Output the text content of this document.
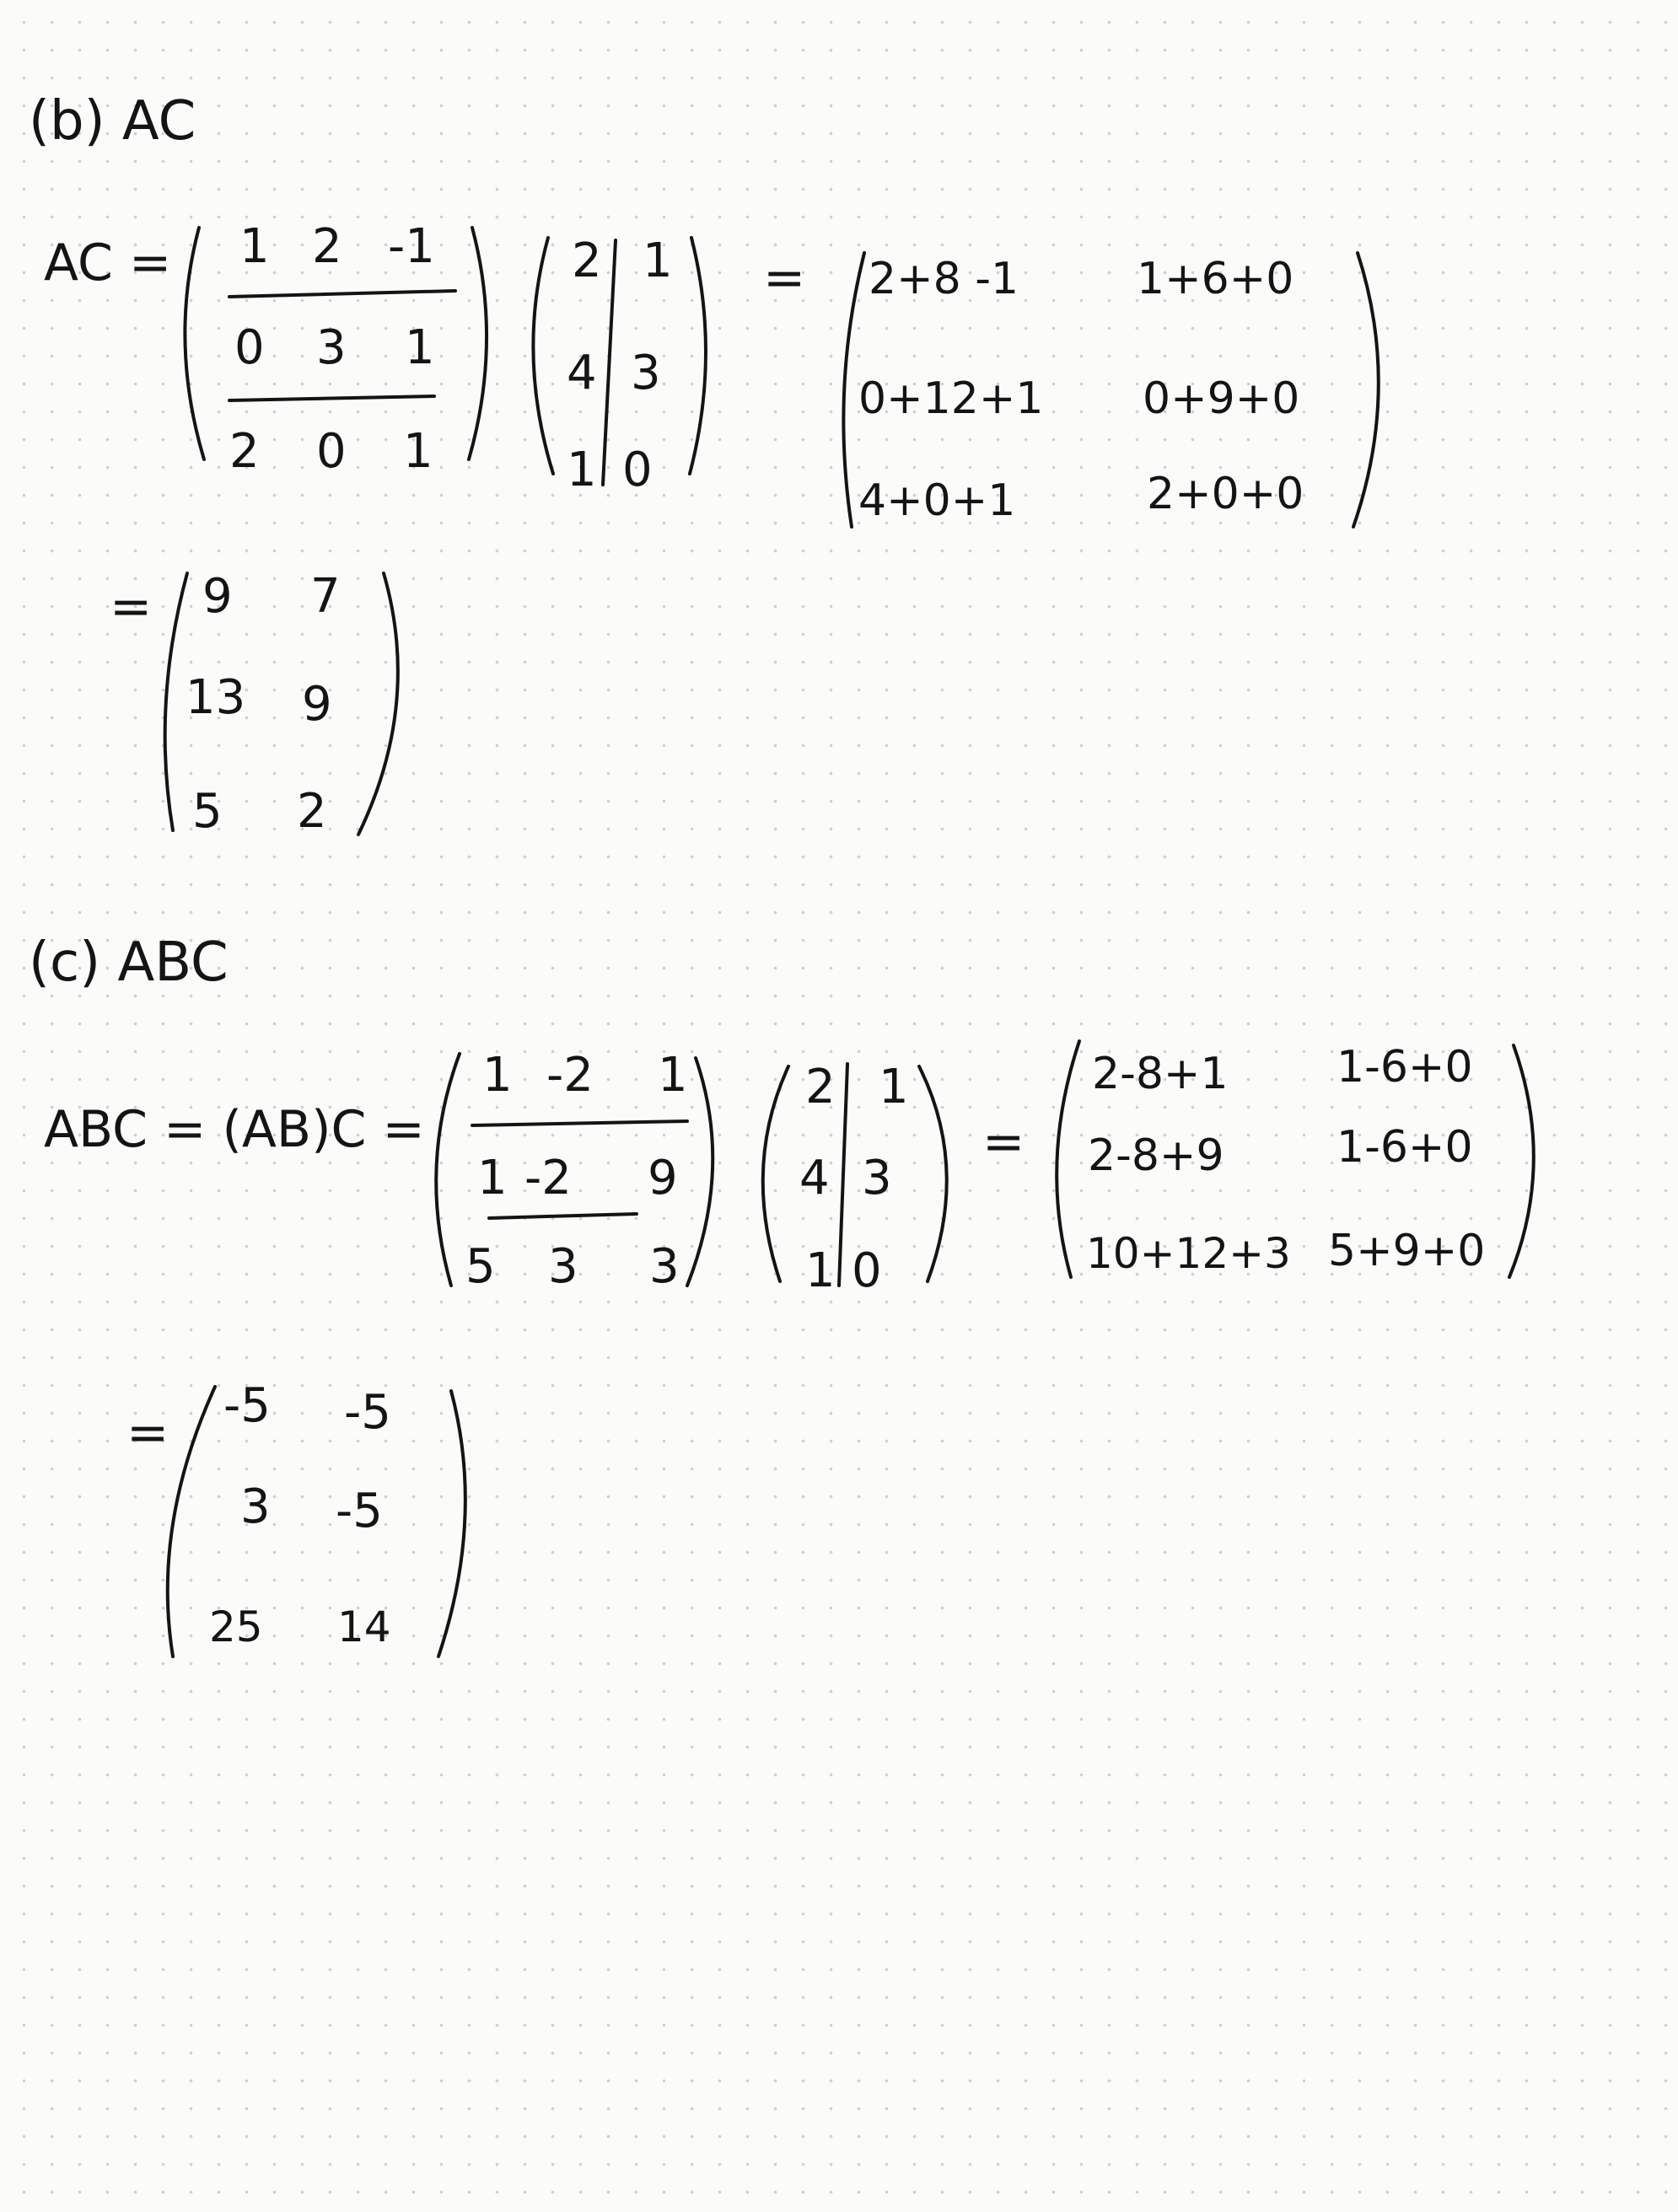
(b) AC
AC = 1 2 -1
0 3 1
2 0 1
2 1
4 3
1 0
= 2+8 -1	1+6+0
0+12+1 0+9+0
4+0+1	2+0+0
= 9 7
13 9
5 2
(c) ABC
ABC = (AB)C =
1 -2 1
1 -2 9
5 3 3
2 1
4 3
1 0
=
2-8+1 1-6+0
2-8+9	1-6+0
10+12+3 5+9+0
= -5 -5
3 -5
25 14
